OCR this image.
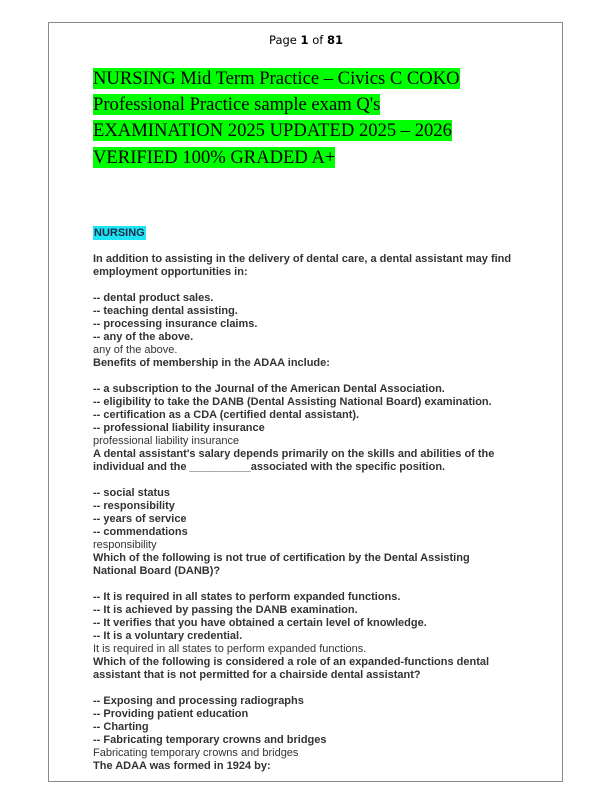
Page 1 of 81
NURSING Mid Term Practice – Civics C COKO
Professional Practice sample exam Q's
EXAMINATION 2025 UPDATED 2025 – 2026
VERIFIED 100% GRADED A+
NURSING

In addition to assisting in the delivery of dental care, a dental assistant may find employment opportunities in:

-- dental product sales.

-- teaching dental assisting.

-- processing insurance claims.

-- any of the above.

any of the above.

Benefits of membership in the ADAA include:

-- a subscription to the Journal of the American Dental Association.

-- eligibility to take the DANB (Dental Assisting National Board) examination.

-- certification as a CDA (certified dental assistant).

-- professional liability insurance

professional liability insurance

A dental assistant's salary depends primarily on the skills and abilities of the individual and the __________associated with the specific position.

-- social status

-- responsibility

-- years of service

-- commendations

responsibility

Which of the following is not true of certification by the Dental Assisting National Board (DANB)?

-- It is required in all states to perform expanded functions.

-- It is achieved by passing the DANB examination.

-- It verifies that you have obtained a certain level of knowledge.

-- It is a voluntary credential.

It is required in all states to perform expanded functions.

Which of the following is considered a role of an expanded-functions dental assistant that is not permitted for a chairside dental assistant?

-- Exposing and processing radiographs

-- Providing patient education

-- Charting

-- Fabricating temporary crowns and bridges

Fabricating temporary crowns and bridges

The ADAA was formed in 1924 by:
